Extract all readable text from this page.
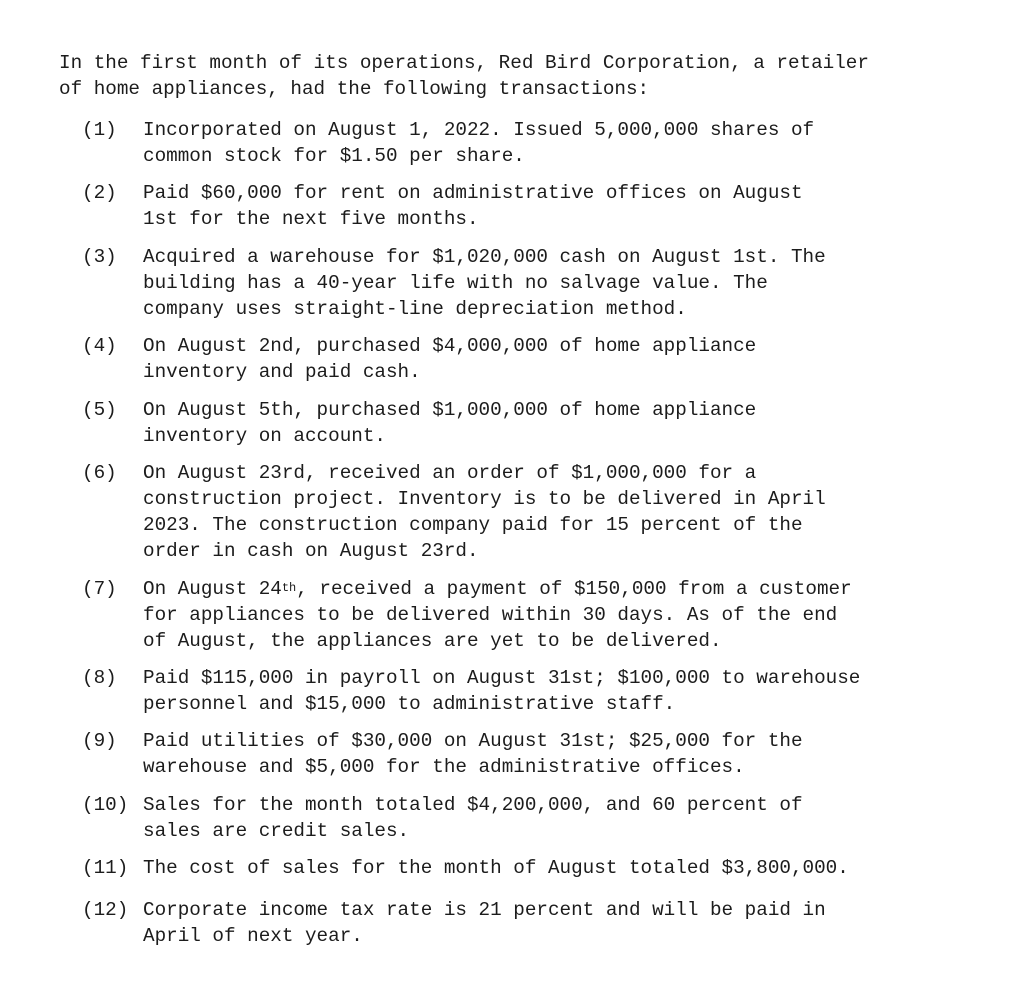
In the first month of its operations, Red Bird Corporation, a retailer
of home appliances, had the following transactions:
(1) Incorporated on August 1, 2022. Issued 5,000,000 shares of
common stock for $1.50 per share.
(2) Paid $60,000 for rent on administrative offices on August
1st for the next five months.
(3) Acquired a warehouse for $1,020,000 cash on August 1st. The
building has a 40-year life with no salvage value. The
company uses straight-line depreciation method.
(4) On August 2nd, purchased $4,000,000 of home appliance
inventory and paid cash.
(5) On August 5th, purchased $1,000,000 of home appliance
inventory on account.
(6) On August 23rd, received an order of $1,000,000 for a
construction project. Inventory is to be delivered in April
2023. The construction company paid for 15 percent of the
order in cash on August 23rd.
(7) On August 24th, received a payment of $150,000 from a customer
for appliances to be delivered within 30 days. As of the end
of August, the appliances are yet to be delivered.
(8) Paid $115,000 in payroll on August 31st; $100,000 to warehouse
personnel and $15,000 to administrative staff.
(9) Paid utilities of $30,000 on August 31st; $25,000 for the
warehouse and $5,000 for the administrative offices.
(10) Sales for the month totaled $4,200,000, and 60 percent of
sales are credit sales.
(11) The cost of sales for the month of August totaled $3,800,000.
(12) Corporate income tax rate is 21 percent and will be paid in
April of next year.
